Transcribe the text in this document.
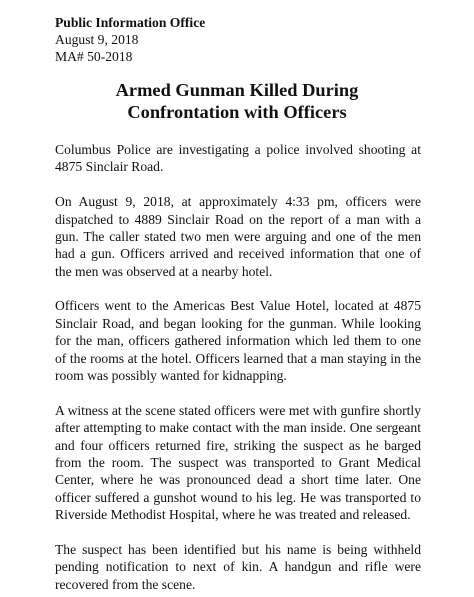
Public Information Office
August 9, 2018
MA# 50-2018
Armed Gunman Killed During
Confrontation with Officers

Columbus Police are investigating a police involved shooting at 4875 Sinclair Road.

On August 9, 2018, at approximately 4:33 pm, officers were dispatched to 4889 Sinclair Road on the report of a man with a gun. The caller stated two men were arguing and one of the men had a gun. Officers arrived and received information that one of the men was observed at a nearby hotel.

Officers went to the Americas Best Value Hotel, located at 4875 Sinclair Road, and began looking for the gunman. While looking for the man, officers gathered information which led them to one of the rooms at the hotel. Officers learned that a man staying in the room was possibly wanted for kidnapping.

A witness at the scene stated officers were met with gunfire shortly after attempting to make contact with the man inside. One sergeant and four officers returned fire, striking the suspect as he barged from the room. The suspect was transported to Grant Medical Center, where he was pronounced dead a short time later. One officer suffered a gunshot wound to his leg. He was transported to Riverside Methodist Hospital, where he was treated and released.

The suspect has been identified but his name is being withheld pending notification to next of kin. A handgun and rifle were recovered from the scene.
